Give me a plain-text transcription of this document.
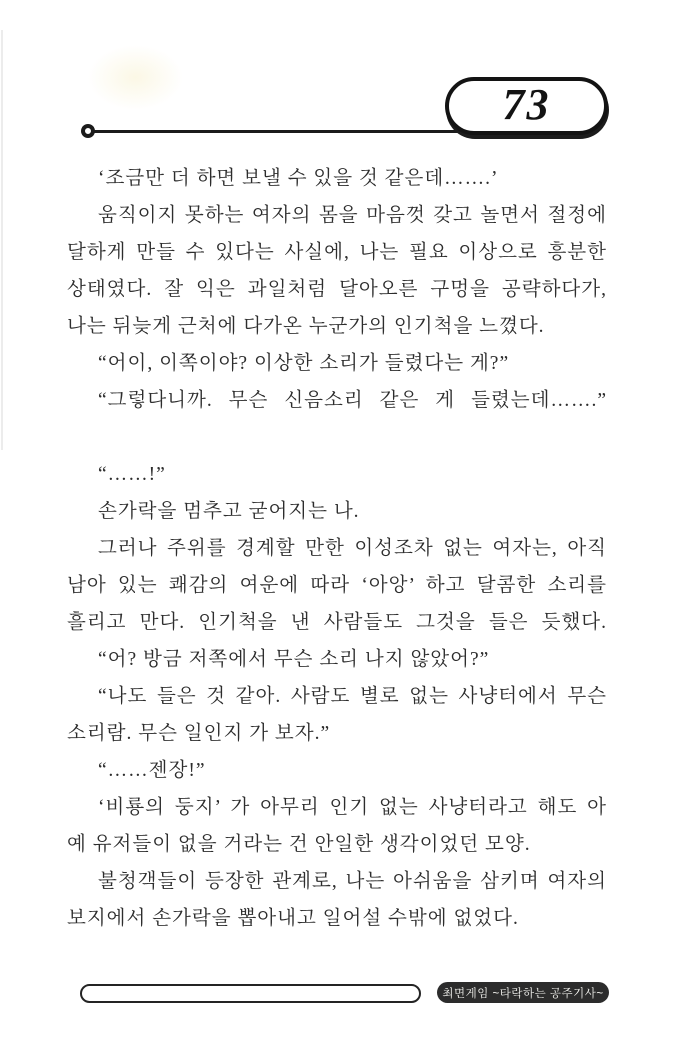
73
‘조금만 더 하면 보낼 수 있을 것 같은데…….’
움직이지 못하는 여자의 몸을 마음껏 갖고 놀면서 절정에
달하게 만들 수 있다는 사실에, 나는 필요 이상으로 흥분한
상태였다. 잘 익은 과일처럼 달아오른 구멍을 공략하다가,
나는 뒤늦게 근처에 다가온 누군가의 인기척을 느꼈다.
“어이, 이쪽이야? 이상한 소리가 들렸다는 게?”
“그렇다니까. 무슨 신음소리 같은 게 들렸는데…….”
“……!”
손가락을 멈추고 굳어지는 나.
그러나 주위를 경계할 만한 이성조차 없는 여자는, 아직
남아 있는 쾌감의 여운에 따라 ‘아앙’ 하고 달콤한 소리를
흘리고 만다. 인기척을 낸 사람들도 그것을 들은 듯했다.
“어? 방금 저쪽에서 무슨 소리 나지 않았어?”
“나도 들은 것 같아. 사람도 별로 없는 사냥터에서 무슨
소리람. 무슨 일인지 가 보자.”
“……젠장!”
‘비룡의 둥지’ 가 아무리 인기 없는 사냥터라고 해도 아
예 유저들이 없을 거라는 건 안일한 생각이었던 모양.
불청객들이 등장한 관계로, 나는 아쉬움을 삼키며 여자의
보지에서 손가락을 뽑아내고 일어설 수밖에 없었다.
최면게임 ~타락하는 공주기사~
